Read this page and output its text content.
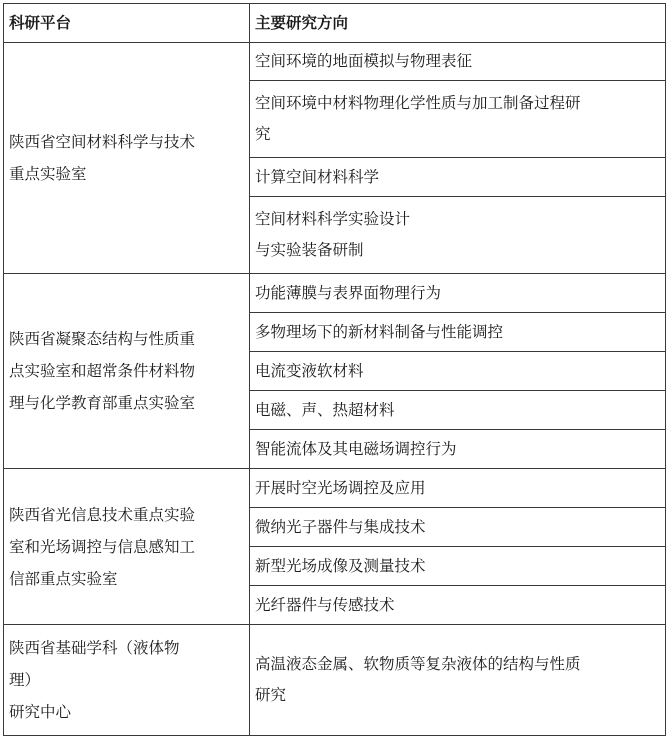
科研平台	主要研究方向

陕西省空间材料科学与技术
重点实验室	空间环境的地面模拟与物理表征

	空间环境中材料物理化学性质与加工制备过程研
究

	计算空间材料科学

	空间材料科学实验设计
与实验装备研制

陕西省凝聚态结构与性质重
点实验室和超常条件材料物
理与化学教育部重点实验室	功能薄膜与表界面物理行为

	多物理场下的新材料制备与性能调控

	电流变液软材料

	电磁、声、热超材料

	智能流体及其电磁场调控行为

陕西省光信息技术重点实验
室和光场调控与信息感知工
信部重点实验室	开展时空光场调控及应用

	微纳光子器件与集成技术

	新型光场成像及测量技术

	光纤器件与传感技术

陕西省基础学科（液体物
理）
研究中心	高温液态金属、软物质等复杂液体的结构与性质
研究
